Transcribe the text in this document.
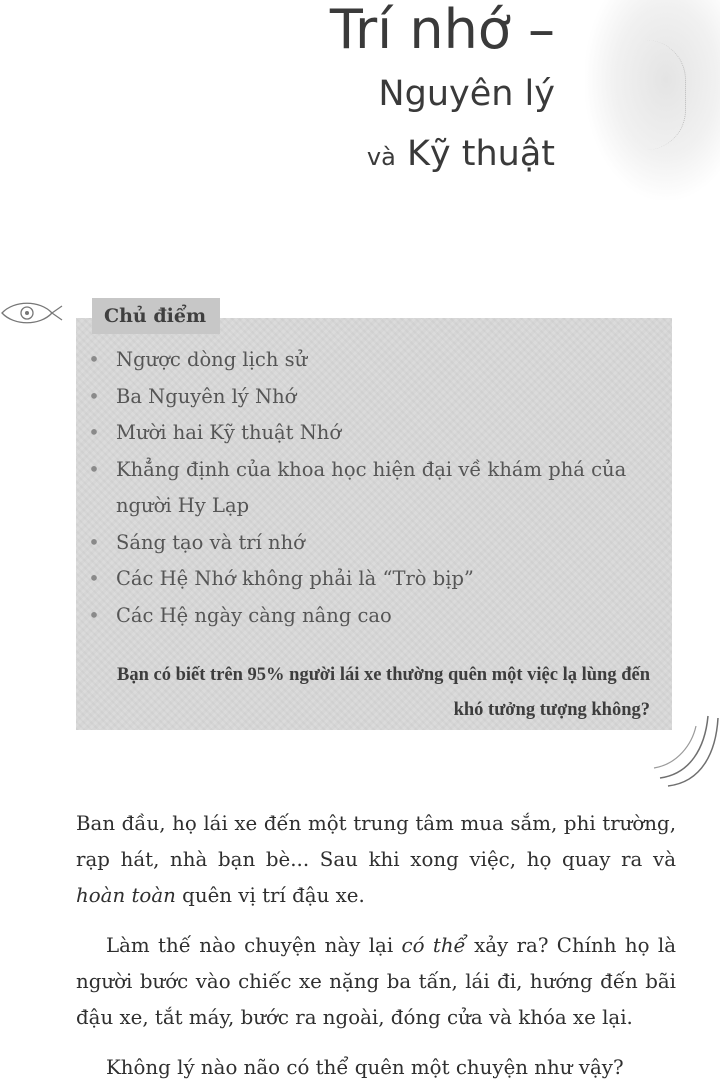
Trí nhớ –
Nguyên lý
và Kỹ thuật
Chủ điểm
• Ngược dòng lịch sử
• Ba Nguyên lý Nhớ
• Mười hai Kỹ thuật Nhớ
• Khẳng định của khoa học hiện đại về khám phá của người Hy Lạp
• Sáng tạo và trí nhớ
• Các Hệ Nhớ không phải là “Trò bịp”
• Các Hệ ngày càng nâng cao

Bạn có biết trên 95% người lái xe thường quên một việc lạ lùng đến khó tưởng tượng không?

Ban đầu, họ lái xe đến một trung tâm mua sắm, phi trường, rạp hát, nhà bạn bè... Sau khi xong việc, họ quay ra và hoàn toàn quên vị trí đậu xe.

Làm thế nào chuyện này lại có thể xảy ra? Chính họ là người bước vào chiếc xe nặng ba tấn, lái đi, hướng đến bãi đậu xe, tắt máy, bước ra ngoài, đóng cửa và khóa xe lại.

Không lý nào não có thể quên một chuyện như vậy?
